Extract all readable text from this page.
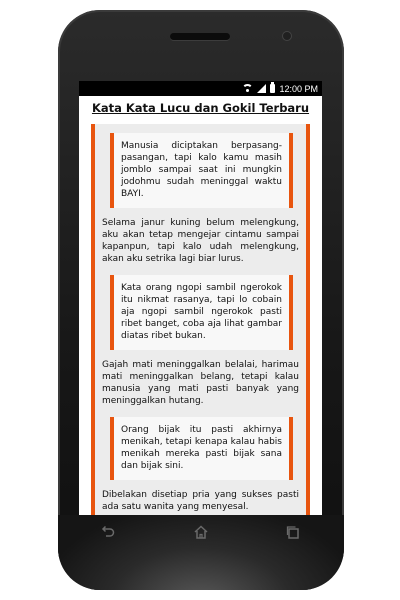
12:00 PM
Kata Kata Lucu dan Gokil Terbaru
Manusia diciptakan berpasang-pasangan, tapi kalo kamu masih jomblo sampai saat ini mungkin jodohmu sudah meninggal waktu BAYI.
Selama janur kuning belum melengkung, aku akan tetap mengejar cintamu sampai kapanpun, tapi kalo udah melengkung, akan aku setrika lagi biar lurus.
Kata orang ngopi sambil ngerokok itu nikmat rasanya, tapi lo cobain aja ngopi sambil ngerokok pasti ribet banget, coba aja lihat gambar diatas ribet bukan.
Gajah mati meninggalkan belalai, harimau mati meninggalkan belang, tetapi kalau manusia yang mati pasti banyak yang meninggalkan hutang.
Orang bijak itu pasti akhirnya menikah, tetapi kenapa kalau habis menikah mereka pasti bijak sana dan bijak sini.
Dibelakan disetiap pria yang sukses pasti ada satu wanita yang menyesal.
